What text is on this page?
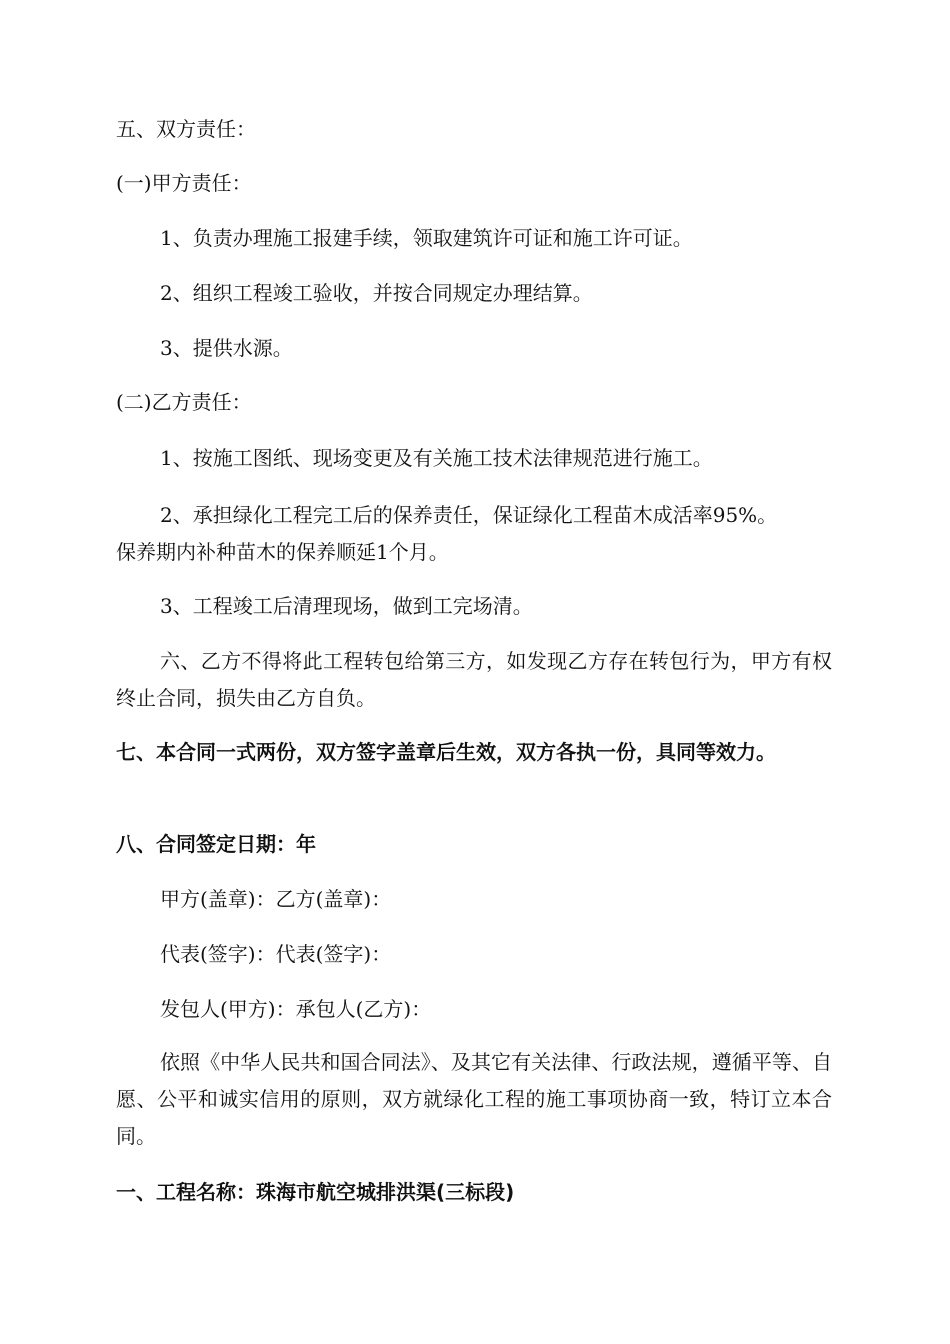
五、双方责任：

(一)甲方责任：

1、负责办理施工报建手续，领取建筑许可证和施工许可证。

2、组织工程竣工验收，并按合同规定办理结算。

3、提供水源。

(二)乙方责任：

1、按施工图纸、现场变更及有关施工技术法律规范进行施工。

2、承担绿化工程完工后的保养责任，保证绿化工程苗木成活率95%。保养期内补种苗木的保养顺延1个月。

3、工程竣工后清理现场，做到工完场清。

六、乙方不得将此工程转包给第三方，如发现乙方存在转包行为，甲方有权终止合同，损失由乙方自负。

七、本合同一式两份，双方签字盖章后生效，双方各执一份，具同等效力。

八、合同签定日期：年

甲方(盖章)：乙方(盖章)：

代表(签字)：代表(签字)：

发包人(甲方)：承包人(乙方)：

依照《中华人民共和国合同法》、及其它有关法律、行政法规，遵循平等、自愿、公平和诚实信用的原则，双方就绿化工程的施工事项协商一致，特订立本合同。

一、工程名称：珠海市航空城排洪渠(三标段)
